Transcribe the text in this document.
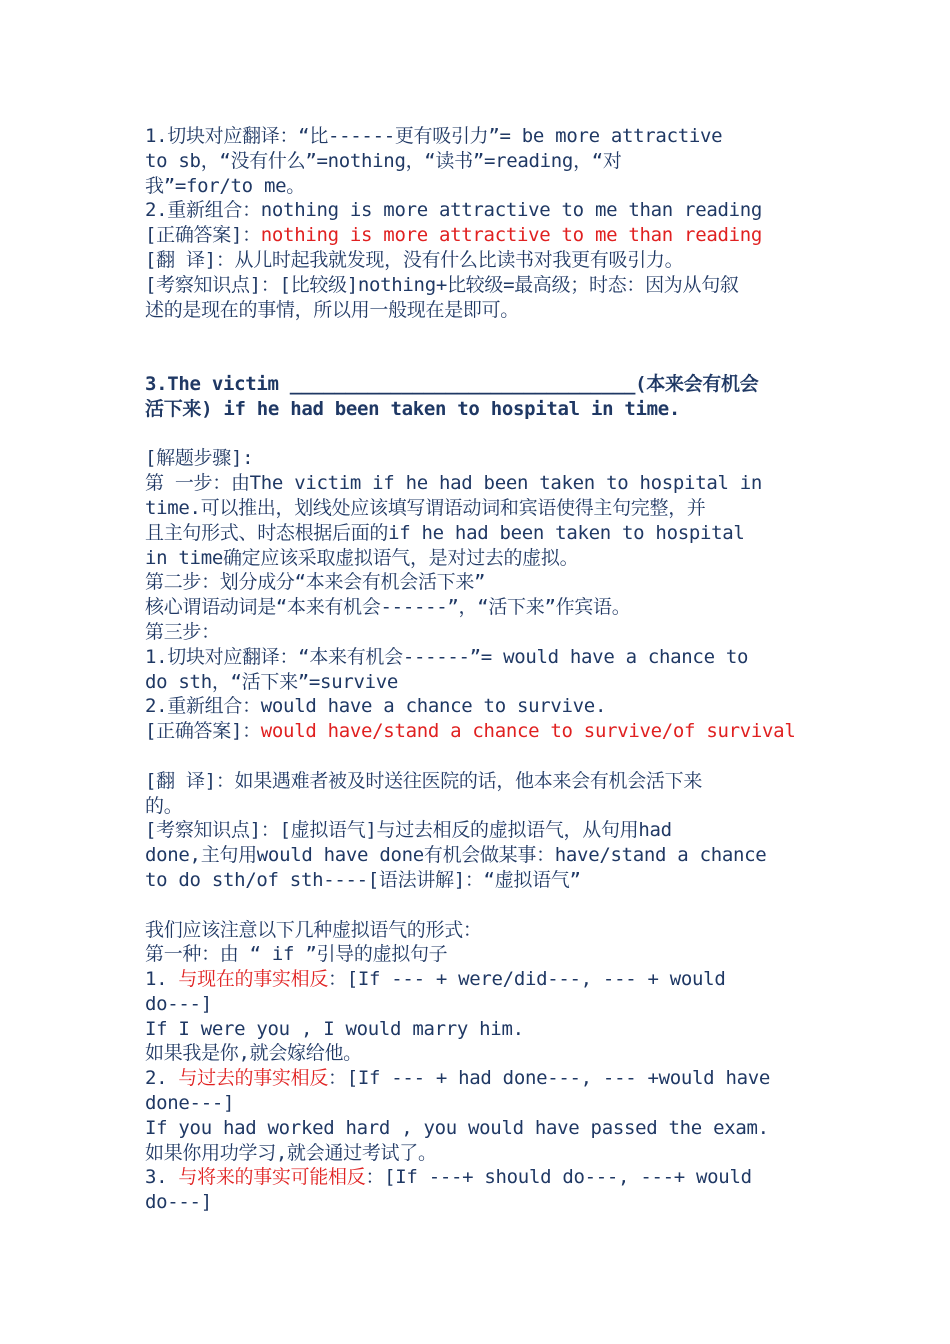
1.切块对应翻译：“比------更有吸引力”= be more attractive
to sb，“没有什么”=nothing，“读书”=reading，“对
我”=for/to me。
2.重新组合：nothing is more attractive to me than reading
[正确答案]：nothing is more attractive to me than reading
[翻 译]：从儿时起我就发现，没有什么比读书对我更有吸引力。
[考察知识点]：[比较级]nothing+比较级=最高级；时态：因为从句叙
述的是现在的事情，所以用一般现在是即可。
3.The victim _______________________________(本来会有机会
活下来) if he had been taken to hospital in time.
[解题步骤]:
第 一步：由The victim if he had been taken to hospital in
time.可以推出，划线处应该填写谓语动词和宾语使得主句完整，并
且主句形式、时态根据后面的if he had been taken to hospital
in time确定应该采取虚拟语气，是对过去的虚拟。
第二步：划分成分“本来会有机会活下来”
核心谓语动词是“本来有机会------”，“活下来”作宾语。
第三步：
1.切块对应翻译：“本来有机会------”= would have a chance to
do sth，“活下来”=survive
2.重新组合：would have a chance to survive.
[正确答案]：would have/stand a chance to survive/of survival
[翻 译]：如果遇难者被及时送往医院的话，他本来会有机会活下来
的。
[考察知识点]：[虚拟语气]与过去相反的虚拟语气，从句用had
done,主句用would have done有机会做某事：have/stand a chance
to do sth/of sth----[语法讲解]：“虚拟语气”
我们应该注意以下几种虚拟语气的形式：
第一种：由 “ if ”引导的虚拟句子
1. 与现在的事实相反：[If --- + were/did---, --- + would
do---]
If I were you , I would marry him.
如果我是你,就会嫁给他。
2. 与过去的事实相反：[If --- + had done---, --- +would have
done---]
If you had worked hard , you would have passed the exam.
如果你用功学习,就会通过考试了。
3. 与将来的事实可能相反：[If ---+ should do---, ---+ would
do---]
